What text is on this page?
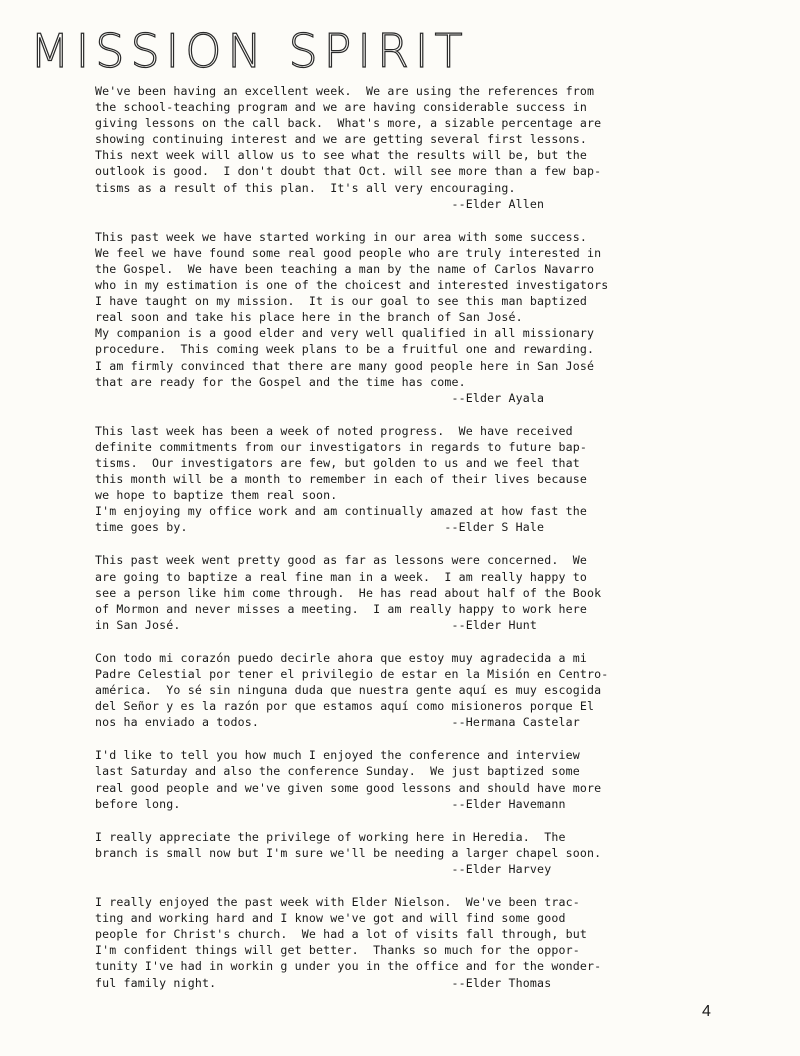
MISSION SPIRIT
We've been having an excellent week.  We are using the references from
the school-teaching program and we are having considerable success in
giving lessons on the call back.  What's more, a sizable percentage are
showing continuing interest and we are getting several first lessons.
This next week will allow us to see what the results will be, but the
outlook is good.  I don't doubt that Oct. will see more than a few bap-
tisms as a result of this plan.  It's all very encouraging.
--Elder Allen
This past week we have started working in our area with some success.
We feel we have found some real good people who are truly interested in
the Gospel.  We have been teaching a man by the name of Carlos Navarro
who in my estimation is one of the choicest and interested investigators
I have taught on my mission.  It is our goal to see this man baptized
real soon and take his place here in the branch of San José.
My companion is a good elder and very well qualified in all missionary
procedure.  This coming week plans to be a fruitful one and rewarding.
I am firmly convinced that there are many good people here in San José
that are ready for the Gospel and the time has come.
--Elder Ayala
This last week has been a week of noted progress.  We have received
definite commitments from our investigators in regards to future bap-
tisms.  Our investigators are few, but golden to us and we feel that
this month will be a month to remember in each of their lives because
we hope to baptize them real soon.
I'm enjoying my office work and am continually amazed at how fast the
time goes by.                                    --Elder S Hale
This past week went pretty good as far as lessons were concerned.  We
are going to baptize a real fine man in a week.  I am really happy to
see a person like him come through.  He has read about half of the Book
of Mormon and never misses a meeting.  I am really happy to work here
in San José.                                      --Elder Hunt
Con todo mi corazón puedo decirle ahora que estoy muy agradecida a mi
Padre Celestial por tener el privilegio de estar en la Misión en Centro-
américa.  Yo sé sin ninguna duda que nuestra gente aquí es muy escogida
del Señor y es la razón por que estamos aquí como misioneros porque El
nos ha enviado a todos.                           --Hermana Castelar
I'd like to tell you how much I enjoyed the conference and interview
last Saturday and also the conference Sunday.  We just baptized some
real good people and we've given some good lessons and should have more
before long.                                      --Elder Havemann
I really appreciate the privilege of working here in Heredia.  The
branch is small now but I'm sure we'll be needing a larger chapel soon.
--Elder Harvey
I really enjoyed the past week with Elder Nielson.  We've been trac-
ting and working hard and I know we've got and will find some good
people for Christ's church.  We had a lot of visits fall through, but
I'm confident things will get better.  Thanks so much for the oppor-
tunity I've had in workin g under you in the office and for the wonder-
ful family night.                                 --Elder Thomas
4
